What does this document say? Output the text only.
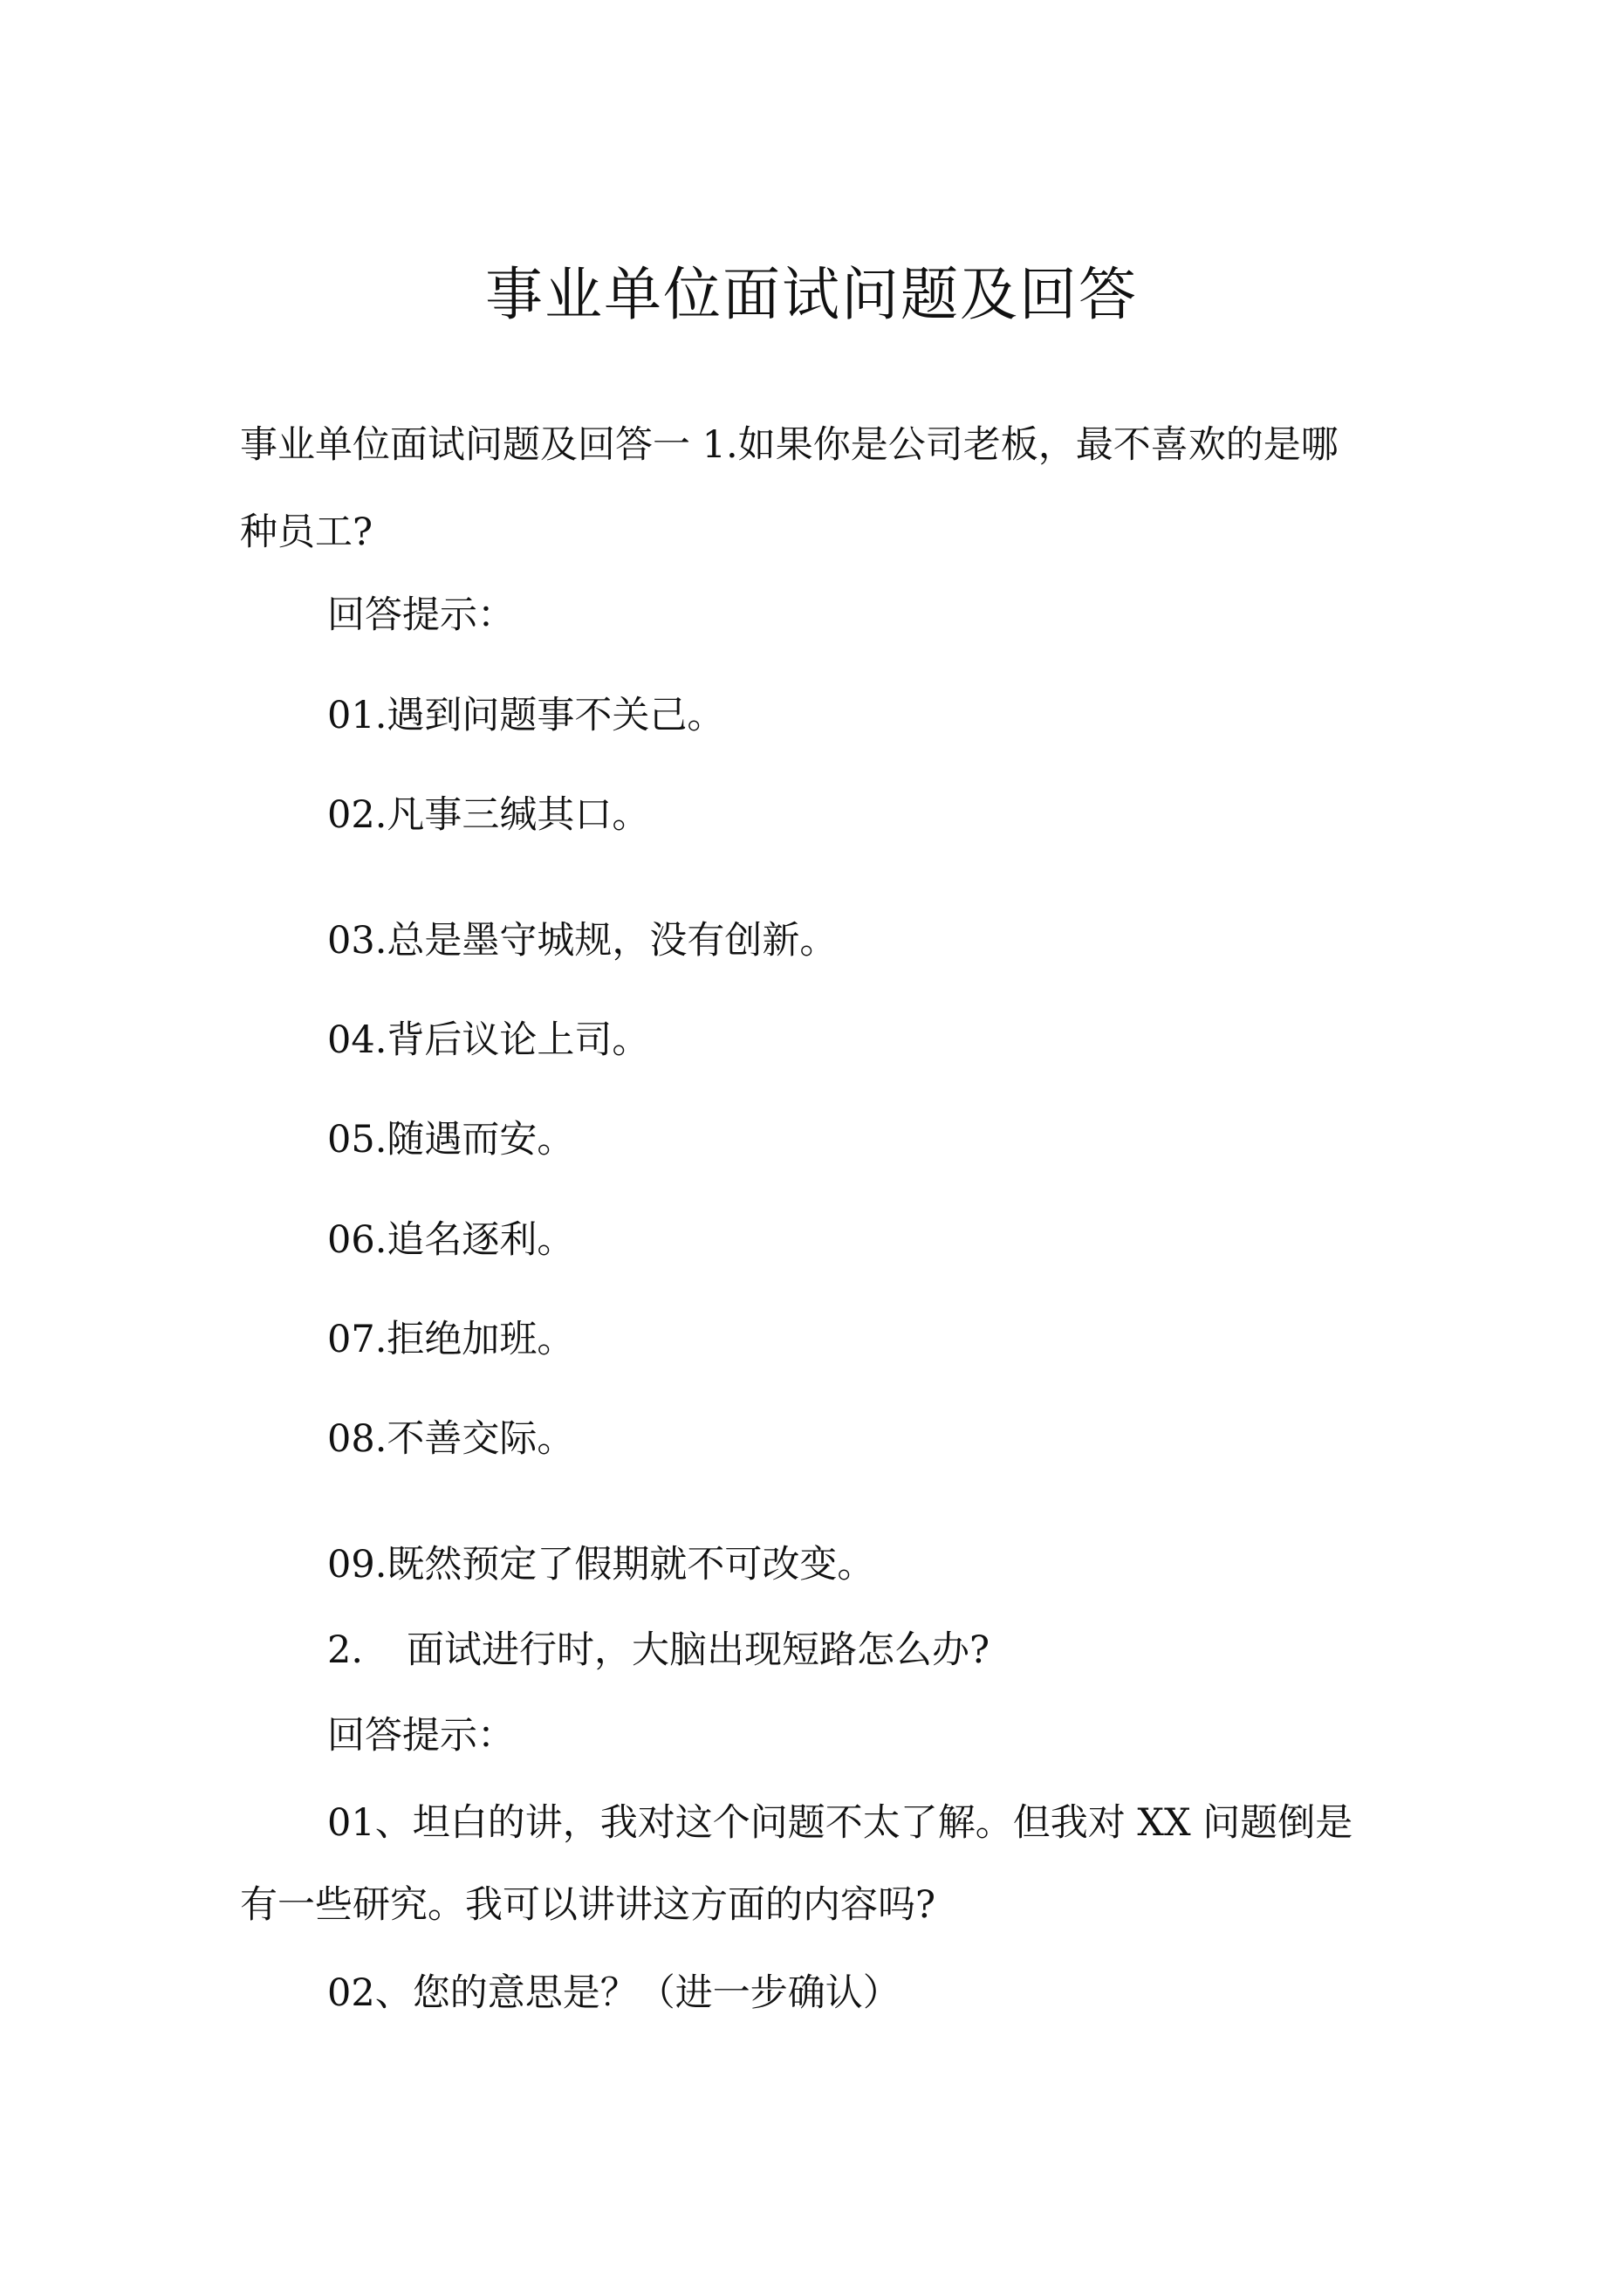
事业单位面试问题及回答

事业单位面试问题及回答一 1.如果你是公司老板，最不喜欢的是哪

种员工?

回答提示：

01.遇到问题事不关己。

02.凡事三缄其口。

03.总是墨守城规，没有创新。

04.背后议论上司。

05.随遇而安。

06.追名逐利。

07.拒绝加班。

08.不善交际。

09.既然预定了假期就不可改变。

2. 面试进行时，大脑出现短路怎么办?

回答提示：

01、坦白的讲，我对这个问题不太了解。但我对 XX 问题倒是

有一些研究。我可以讲讲这方面的内容吗?

02、您的意思是？（进一步确认）
